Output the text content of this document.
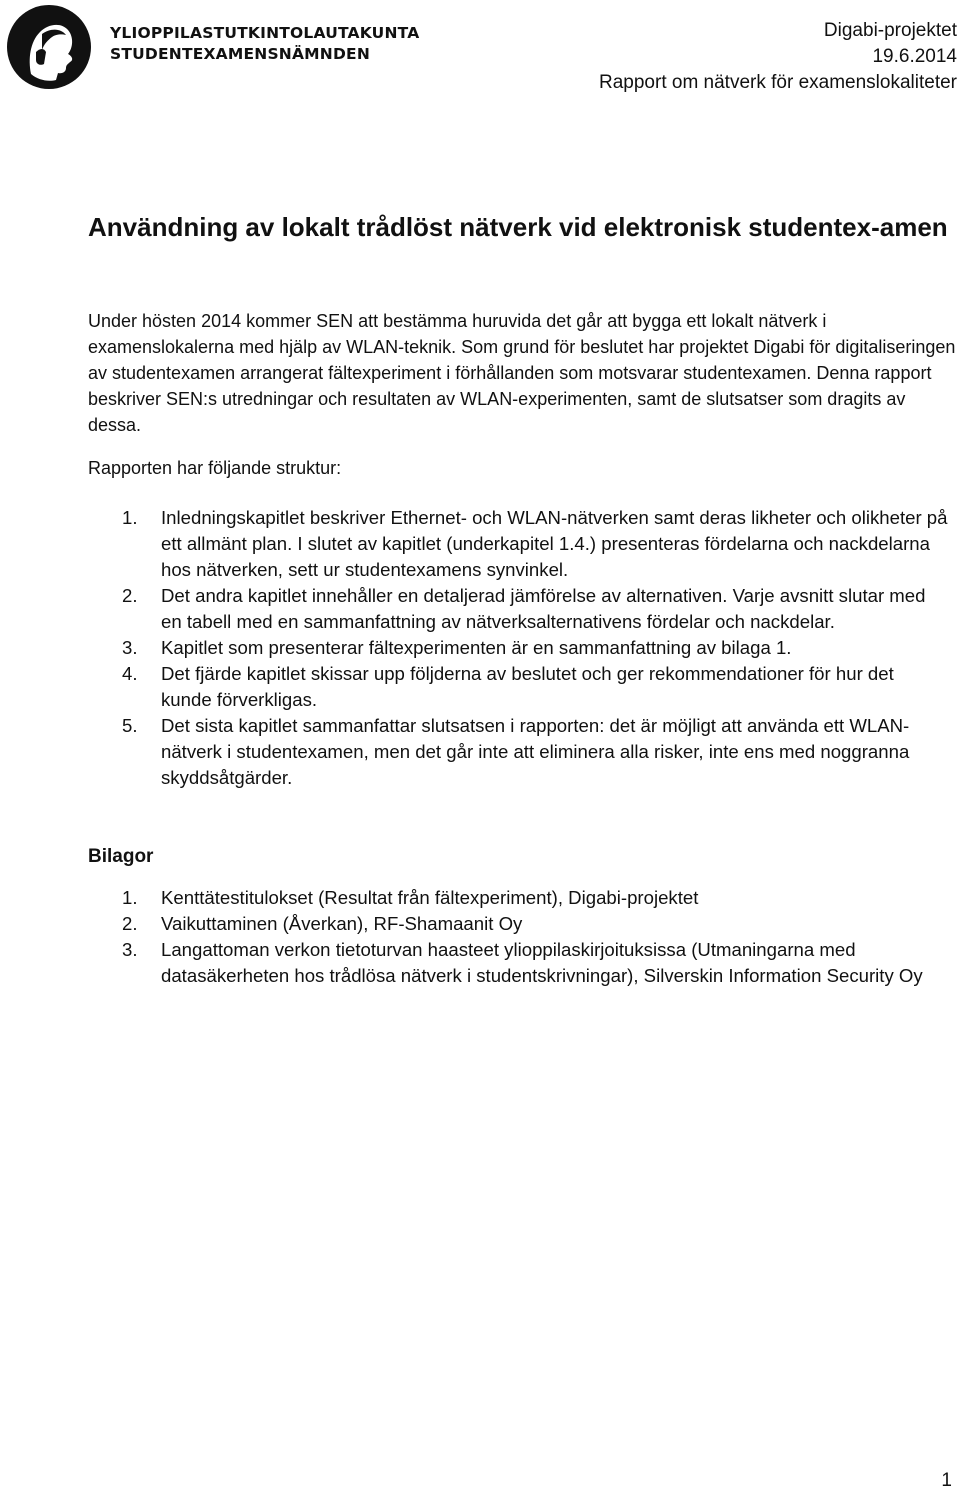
YLIOPPILASTUTKINTOLAUTAKUNTA
STUDENTEXAMENSNÄMNDEN
Digabi-projektet
19.6.2014
Rapport om nätverk för examenslokaliteter
Användning av lokalt trådlöst nätverk vid elektronisk studentex-amen

Under hösten 2014 kommer SEN att bestämma huruvida det går att bygga ett lokalt nätverk i examenslokalerna med hjälp av WLAN-teknik. Som grund för beslutet har projektet Digabi för digitaliseringen av studentexamen arrangerat fältexperiment i förhållanden som motsvarar studentexamen. Denna rapport beskriver SEN:s utredningar och resultaten av WLAN-experimenten, samt de slutsatser som dragits av dessa.

Rapporten har följande struktur:

1. Inledningskapitlet beskriver Ethernet- och WLAN-nätverken samt deras likheter och olikheter på ett allmänt plan. I slutet av kapitlet (underkapitel 1.4.) presenteras fördelarna och nackdelarna hos nätverken, sett ur studentexamens synvinkel.
2. Det andra kapitlet innehåller en detaljerad jämförelse av alternativen. Varje avsnitt slutar med en tabell med en sammanfattning av nätverksalternativens fördelar och nackdelar.
3. Kapitlet som presenterar fältexperimenten är en sammanfattning av bilaga 1.
4. Det fjärde kapitlet skissar upp följderna av beslutet och ger rekommendationer för hur det kunde förverkligas.
5. Det sista kapitlet sammanfattar slutsatsen i rapporten: det är möjligt att använda ett WLAN-nätverk i studentexamen, men det går inte att eliminera alla risker, inte ens med noggranna skyddsåtgärder.
Bilagor
1. Kenttätestitulokset (Resultat från fältexperiment), Digabi-projektet
2. Vaikuttaminen (Åverkan), RF-Shamaanit Oy
3. Langattoman verkon tietoturvan haasteet ylioppilaskirjoituksissa (Utmaningarna med datasäkerheten hos trådlösa nätverk i studentskrivningar), Silverskin Information Security Oy
1
